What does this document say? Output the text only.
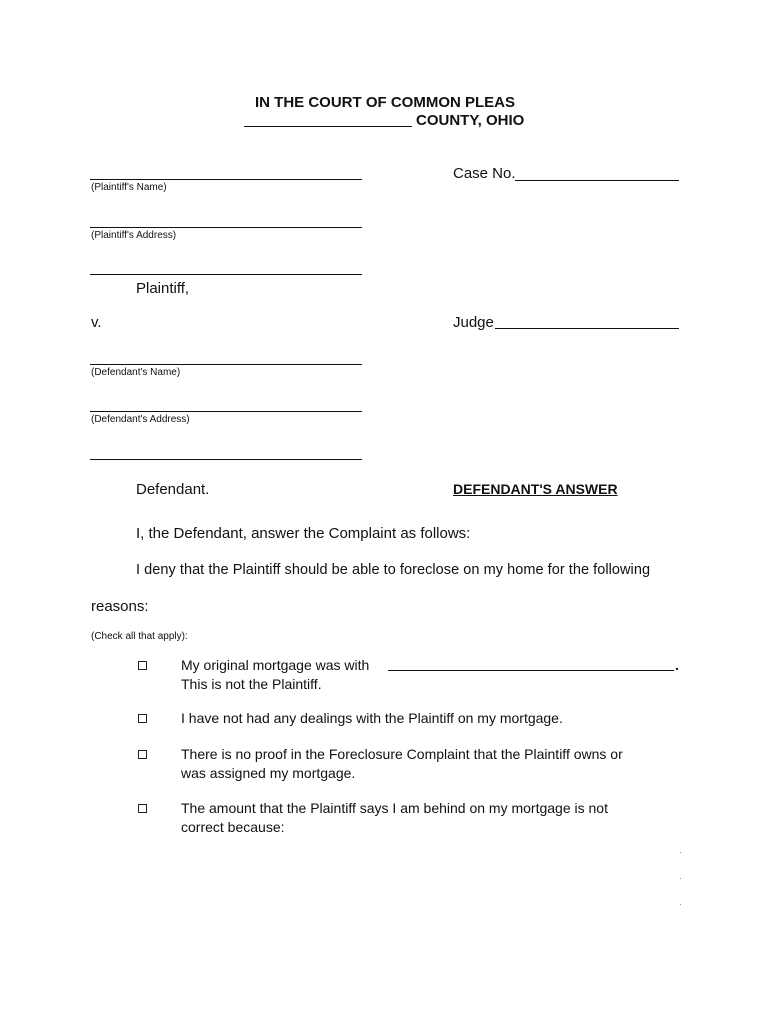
IN THE COURT OF COMMON PLEAS
COUNTY, OHIO
(Plaintiff's Name)
Case No.
(Plaintiff's Address)
Plaintiff,
v.	Judge
(Defendant's Name)
(Defendant's Address)
Defendant.	DEFENDANT'S ANSWER
I, the Defendant, answer the Complaint as follows:
I deny that the Plaintiff should be able to foreclose on my home for the following
reasons:
(Check all that apply):
My original mortgage was with	.
This is not the Plaintiff.
I have not had any dealings with the Plaintiff on my mortgage.
There is no proof in the Foreclosure Complaint that the Plaintiff owns or
was assigned my mortgage.
The amount that the Plaintiff says I am behind on my mortgage is not
correct because:
